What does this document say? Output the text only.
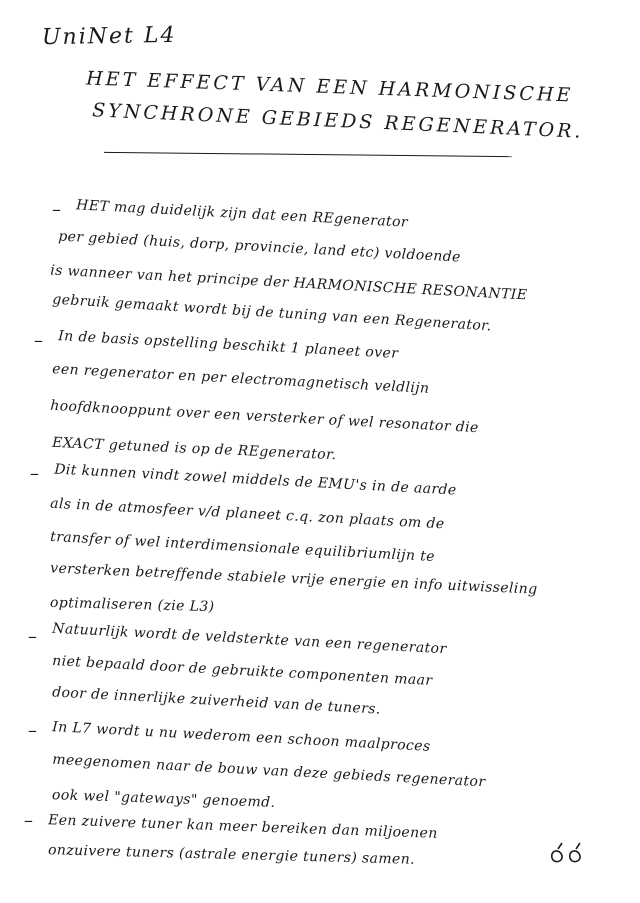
UniNet L4
HET EFFECT VAN EEN HARMONISCHE
SYNCHRONE GEBIEDS REGENERATOR.
– HET mag duidelijk zijn dat een REgenerator
per gebied (huis, dorp, provincie, land etc) voldoende
is wanneer van het principe der HARMONISCHE RESONANTIE
gebruik gemaakt wordt bij de tuning van een Regenerator.
– In de basis opstelling beschikt 1 planeet over
een regenerator en per electromagnetisch veldlijn
hoofdknooppunt over een versterker of wel resonator die
EXACT getuned is op de REgenerator.
– Dit kunnen vindt zowel middels de EMU's in de aarde
als in de atmosfeer v/d planeet c.q. zon plaats om de
transfer of wel interdimensionale equilibriumlijn te
versterken betreffende stabiele vrije energie en info uitwisseling
optimaliseren (zie L3)
– Natuurlijk wordt de veldsterkte van een regenerator
niet bepaald door de gebruikte componenten maar
door de innerlijke zuiverheid van de tuners.
– In L7 wordt u nu wederom een schoon maalproces
meegenomen naar de bouw van deze gebieds regenerator
ook wel "gateways" genoemd.
– Een zuivere tuner kan meer bereiken dan miljoenen
onzuivere tuners (astrale energie tuners) samen.
